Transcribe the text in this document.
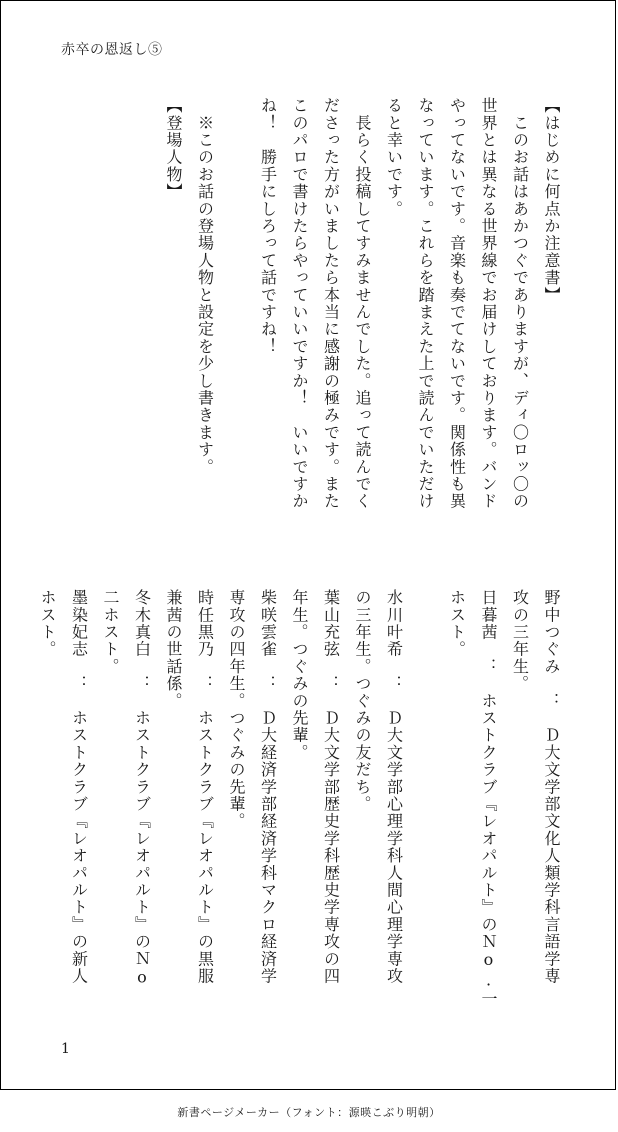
赤卒の恩返し⑤
【はじめに何点か注意書】
　このお話はあかつぐでありますが、ディ〇ロッ〇の
世界とは異なる世界線でお届けしております。バンド
やってないです。音楽も奏でてないです。関係性も異
なっています。これらを踏まえた上で読んでいただけ
ると幸いです。
　長らく投稿してすみませんでした。追って読んでく
ださった方がいましたら本当に感謝の極みです。また
このパロで書けたらやっていいですか！　いいですか
ね！　勝手にしろって話ですね！

　※このお話の登場人物と設定を少し書きます。
【登場人物】
野中つぐみ　：　Ｄ大文学部文化人類学科言語学専
攻の三年生。
日暮茜　：　ホストクラブ『レオパルト』のＮo.一
ホスト。

水川叶希　：　Ｄ大文学部心理学科人間心理学専攻
の三年生。つぐみの友だち。
葉山充弦　：　Ｄ大文学部歴史学科歴史学専攻の四
年生。つぐみの先輩。
柴咲雲雀　：　Ｄ大経済学部経済学科マクロ経済学
専攻の四年生。つぐみの先輩。
時任黒乃　：　ホストクラブ『レオパルト』の黒服
兼茜の世話係。
冬木真白　：　ホストクラブ『レオパルト』のＮo
二ホスト。
墨染妃志　：　ホストクラブ『レオパルト』の新人
ホスト。
1
新書ページメーカー（フォント：源暎こぶり明朝）
